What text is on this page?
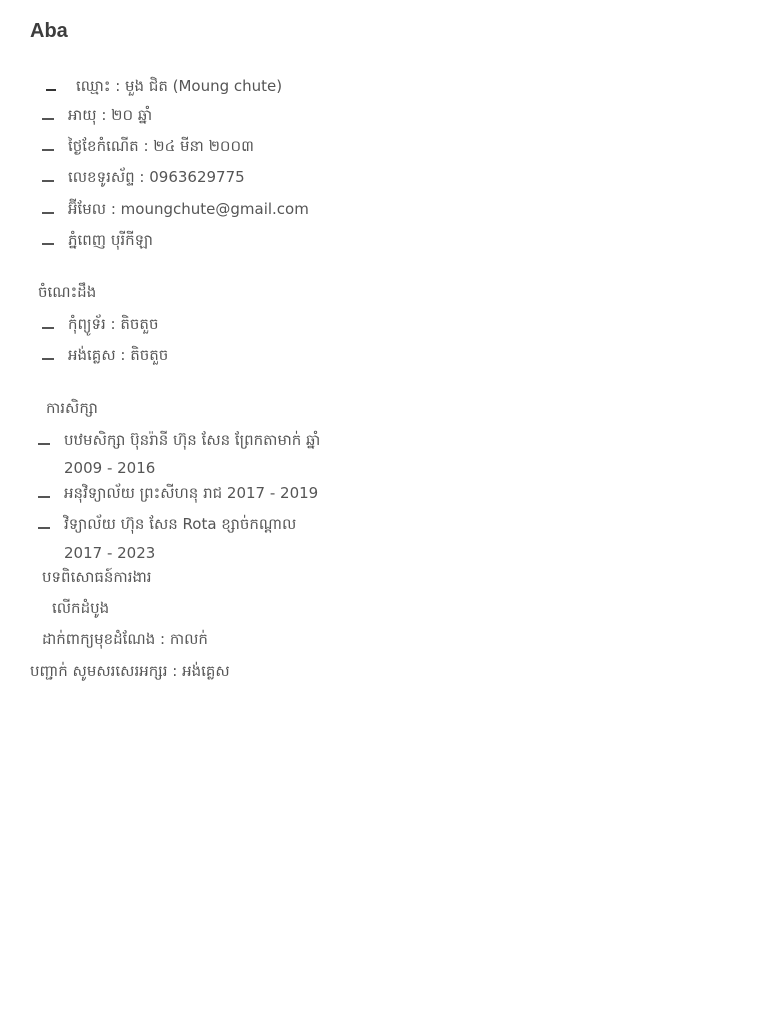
Aba
ឈ្មោះ : មួង ជិត (Moung chute)
អាយុ : ២០ ឆ្នាំ
ថ្ងៃខែកំណើត : ២៤ មីនា ២០០៣
លេខទូរស័ព្ទ : 0963629775
អ៊ីមែល : moungchute@gmail.com
ភ្នំពេញ បុរីកីឡា
ចំណេះដឹង
កុំព្យូទ័រ : តិចតួច
អង់គ្លេស : តិចតួច
ការសិក្សា
បឋមសិក្សា ប៊ុនរ៉ានី ហ៊ុន សែន ព្រែកតាមាក់ ឆ្នាំ
2009 - 2016
អនុវិទ្យាល័យ ព្រះសីហនុ រាជ 2017 - 2019
វិទ្យាល័យ ហ៊ុន សែន Rota ខ្សាច់កណ្ដាល
2017 - 2023
បទពិសោធន៍ការងារ
លើកដំបូង
ដាក់ពាក្យមុខដំណែង : កាលក់
បញ្ជាក់ សូមសរសេរអក្សរ : អង់គ្លេស
